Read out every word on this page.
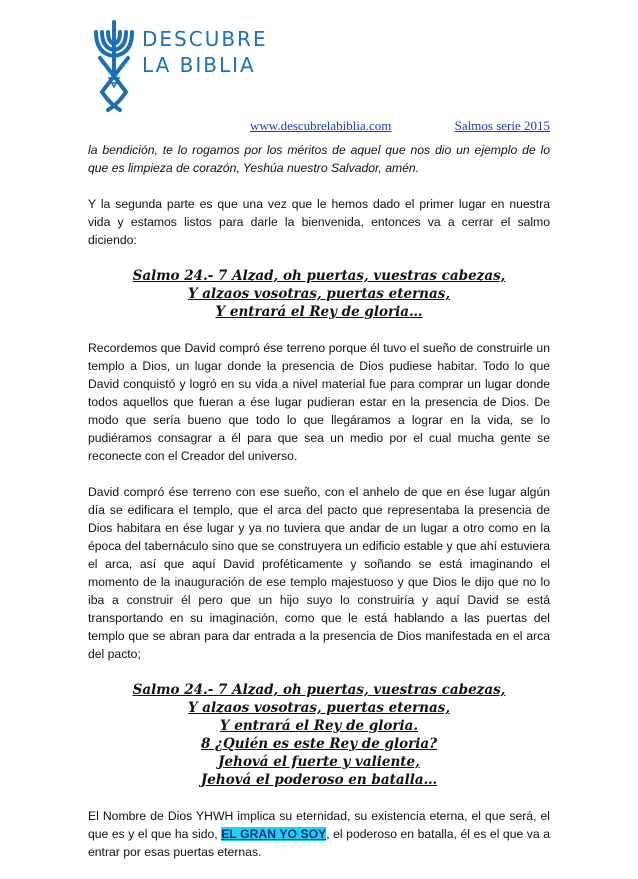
DESCUBRE
LA BIBLIA
www.descubrelabiblia.com	Salmos serie 2015

la bendición, te lo rogamos por los méritos de aquel que nos dio un ejemplo de lo que es limpieza de corazón, Yeshúa nuestro Salvador, amén.

Y la segunda parte es que una vez que le hemos dado el primer lugar en nuestra vida y estamos listos para darle la bienvenida, entonces va a cerrar el salmo diciendo:

Salmo 24.- 7 Alzad, oh puertas, vuestras cabezas,
Y alzaos vosotras, puertas eternas,
Y entrará el Rey de gloria…

Recordemos que David compró ése terreno porque él tuvo el sueño de construirle un templo a Dios, un lugar donde la presencia de Dios pudiese habitar. Todo lo que David conquistó y logró en su vida a nivel material fue para comprar un lugar donde todos aquellos que fueran a ése lugar pudieran estar en la presencia de Dios. De modo que sería bueno que todo lo que llegáramos a lograr en la vida, se lo pudiéramos consagrar a él para que sea un medio por el cual mucha gente se reconecte con el Creador del universo.

David compró ése terreno con ese sueño, con el anhelo de que en ése lugar algún día se edificara el templo, que el arca del pacto que representaba la presencia de Dios habitara en ése lugar y ya no tuviera que andar de un lugar a otro como en la época del tabernáculo sino que se construyera un edificio estable y que ahí estuviera el arca, así que aquí David proféticamente y soñando se está imaginando el momento de la inauguración de ese templo majestuoso y que Dios le dijo que no lo iba a construir él pero que un hijo suyo lo construiría y aquí David se está transportando en su imaginación, como que le está hablando a las puertas del templo que se abran para dar entrada a la presencia de Dios manifestada en el arca del pacto;

Salmo 24.- 7 Alzad, oh puertas, vuestras cabezas,
Y alzaos vosotras, puertas eternas,
Y entrará el Rey de gloria.
8 ¿Quién es este Rey de gloria?
Jehová el fuerte y valiente,
Jehová el poderoso en batalla…

El Nombre de Dios YHWH implica su eternidad, su existencia eterna, el que será, el que es y el que ha sido, EL GRAN YO SOY, el poderoso en batalla, él es el que va a entrar por esas puertas eternas.
